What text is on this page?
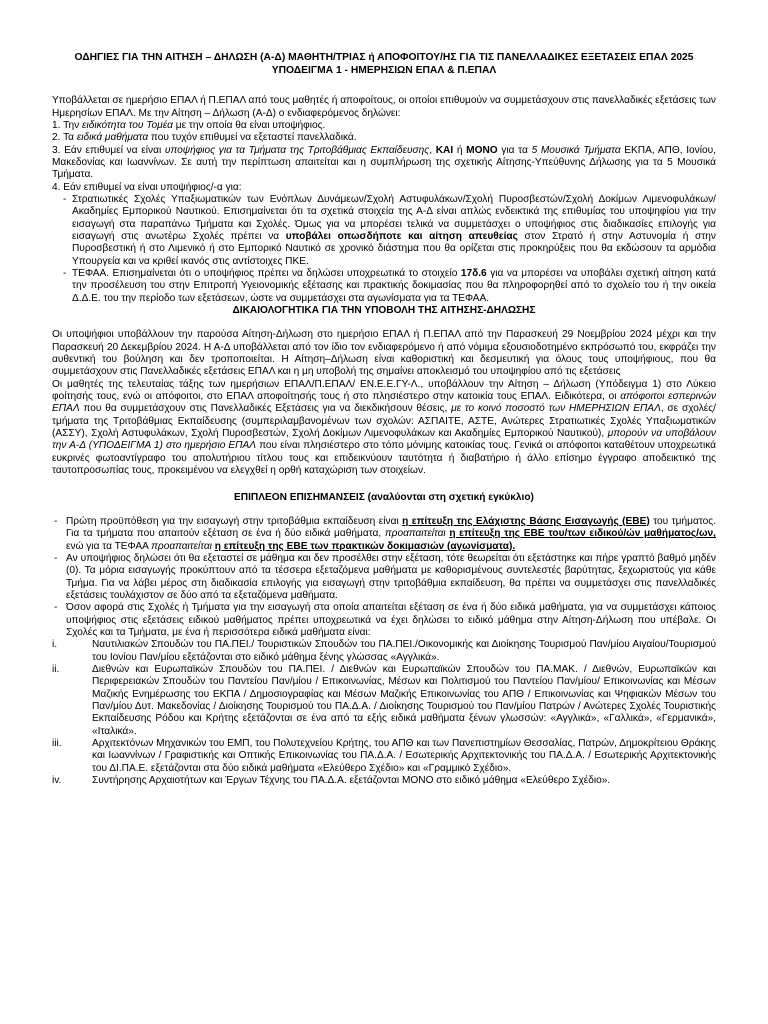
ΟΔΗΓΙΕΣ ΓΙΑ ΤΗΝ ΑΙΤΗΣΗ – ΔΗΛΩΣΗ (Α-Δ) ΜΑΘΗΤΗ/ΤΡΙΑΣ ή ΑΠΟΦΟΙΤΟΥ/ΗΣ ΓΙΑ ΤΙΣ ΠΑΝΕΛΛΑΔΙΚΕΣ ΕΞΕΤΑΣΕΙΣ ΕΠΑΛ 2025

ΥΠΟΔΕΙΓΜΑ 1 - ΗΜΕΡΗΣΙΩΝ ΕΠΑΛ & Π.ΕΠΑΛ

Υποβάλλεται σε ημερήσιο ΕΠΑΛ ή Π.ΕΠΑΛ από τους μαθητές ή αποφοίτους, οι οποίοι επιθυμούν να συμμετάσχουν στις πανελλαδικές εξετάσεις των Ημερησίων ΕΠΑΛ. Με την Αίτηση – Δήλωση (Α-Δ) ο ενδιαφερόμενος δηλώνει:

1. Την ειδικότητα του Τομέα με την οποία θα είναι υποψήφιος.

2. Τα ειδικά μαθήματα που τυχόν επιθυμεί να εξεταστεί πανελλαδικά.

3. Εάν επιθυμεί να είναι υποψήφιος για τα Τμήματα της Τριτοβάθμιας Εκπαίδευσης, ΚΑΙ ή ΜΟΝΟ για τα 5 Μουσικά Τμήματα ΕΚΠΑ, ΑΠΘ, Ιονίου, Μακεδονίας και Ιωαννίνων. Σε αυτή την περίπτωση απαιτείται και η συμπλήρωση της σχετικής Αίτησης-Υπεύθυνης Δήλωσης για τα 5 Μουσικά Τμήματα.

4. Εάν επιθυμεί να είναι υποψήφιος/-α για:

- Στρατιωτικές Σχολές Υπαξιωματικών των Ενόπλων Δυνάμεων/Σχολή Αστυφυλάκων/Σχολή Πυροσβεστών/Σχολή Δοκίμων Λιμενοφυλάκων/Ακαδημίες Εμπορικού Ναυτικού. Επισημαίνεται ότι τα σχετικά στοιχεία της Α-Δ είναι απλώς ενδεικτικά της επιθυμίας του υποψηφίου για την εισαγωγή στα παραπάνω Τμήματα και Σχολές. Όμως για να μπορέσει τελικά να συμμετάσχει ο υποψήφιος στις διαδικασίες επιλογής για εισαγωγή στις ανωτέρω Σχολές πρέπει να υποβάλει οπωσδήποτε και αίτηση απευθείας στον Στρατό ή στην Αστυνομία ή στην Πυροσβεστική ή στο Λιμενικό ή στο Εμπορικό Ναυτικό σε χρονικό διάστημα που θα ορίζεται στις προκηρύξεις που θα εκδώσουν τα αρμόδια Υπουργεία και να κριθεί ικανός στις αντίστοιχες ΠΚΕ.
- ΤΕΦΑΑ. Επισημαίνεται ότι ο υποψήφιος πρέπει να δηλώσει υποχρεωτικά το στοιχείο 17δ.6 για να μπορέσει να υποβάλει σχετική αίτηση κατά την προσέλευση του στην Επιτροπή Υγειονομικής εξέτασης και πρακτικής δοκιμασίας που θα πληροφορηθεί από το σχολείο του ή την οικεία Δ.Δ.Ε. του την περίοδο των εξετάσεων, ώστε να συμμετάσχει στα αγωνίσματα για τα ΤΕΦΑΑ.

ΔΙΚΑΙΟΛΟΓΗΤΙΚΑ ΓΙΑ ΤΗΝ ΥΠΟΒΟΛΗ ΤΗΣ ΑΙΤΗΣΗΣ-ΔΗΛΩΣΗΣ

Οι υποψήφιοι υποβάλλουν την παρούσα Αίτηση-Δήλωση στο ημερήσιο ΕΠΑΛ ή Π.ΕΠΑΛ από την Παρασκευή 29 Νοεμβρίου 2024 μέχρι και την Παρασκευή 20 Δεκεμβρίου 2024. Η Α-Δ υποβάλλεται από τον ίδιο τον ενδιαφερόμενο ή από νόμιμα εξουσιοδοτημένο εκπρόσωπό του, εκφράζει την αυθεντική του βούληση και δεν τροποποιείται. Η Αίτηση–Δήλωση είναι καθοριστική και δεσμευτική για όλους τους υποψήφιους, που θα συμμετάσχουν στις Πανελλαδικές εξετάσεις ΕΠΑΛ και η μη υποβολή της σημαίνει αποκλεισμό του υποψηφίου από τις εξετάσεις

Οι μαθητές της τελευταίας τάξης των ημερήσιων ΕΠΑΛ/Π.ΕΠΑΛ/ ΕΝ.Ε.Ε.ΓΥ-Λ., υποβάλλουν την Αίτηση – Δήλωση (Υπόδειγμα 1) στο Λύκειο φοίτησής τους, ενώ οι απόφοιτοι, στο ΕΠΑΛ αποφοίτησής τους ή στο πλησιέστερο στην κατοικία τους ΕΠΑΛ. Ειδικότερα, οι απόφοιτοι εσπερινών ΕΠΑΛ που θα συμμετάσχουν στις Πανελλαδικές Εξετάσεις για να διεκδικήσουν θέσεις, με το κοινό ποσοστό των ΗΜΕΡΗΣΙΩΝ ΕΠΑΛ, σε σχολές/τμήματα της Τριτοβάθμιας Εκπαίδευσης (συμπεριλαμβανομένων των σχολών: ΑΣΠΑΙΤΕ, ΑΣΤΕ, Ανώτερες Στρατιωτικές Σχολές Υπαξιωματικών (ΑΣΣΥ), Σχολή Αστυφυλάκων, Σχολή Πυροσβεστών, Σχολή Δοκίμων Λιμενοφυλάκων και Ακαδημίες Εμπορικού Ναυτικού), μπορούν να υποβάλουν την Α-Δ (ΥΠΟΔΕΙΓΜΑ 1) στο ημερήσιο ΕΠΑΛ που είναι πλησιέστερο στο τόπο μόνιμης κατοικίας τους. Γενικά οι απόφοιτοι καταθέτουν υποχρεωτικά ευκρινές φωτοαντίγραφο του απολυτήριου τίτλου τους και επιδεικνύουν ταυτότητα ή διαβατήριο ή άλλο επίσημο έγγραφο αποδεικτικό της ταυτοπροσωπίας τους, προκειμένου να ελεγχθεί η ορθή καταχώριση των στοιχείων.

ΕΠΙΠΛΕΟΝ ΕΠΙΣΗΜΑΝΣΕΙΣ (αναλύονται στη σχετική εγκύκλιο)

- Πρώτη προϋπόθεση για την εισαγωγή στην τριτοβάθμια εκπαίδευση είναι η επίτευξη της Ελάχιστης Βάσης Εισαγωγής (ΕΒΕ) του τμήματος. Για τα τμήματα που απαιτούν εξέταση σε ένα ή δύο ειδικά μαθήματα, προαπαιτείται η επίτευξη της ΕΒΕ του/των ειδικού/ών μαθήματος/ων, ενώ για τα ΤΕΦΑΑ προαπαιτείται η επίτευξη της ΕΒΕ των πρακτικών δοκιμασιών (αγωνίσματα).
- Αν υποψήφιος δηλώσει ότι θα εξεταστεί σε μάθημα και δεν προσέλθει στην εξέταση, τότε θεωρείται ότι εξετάστηκε και πήρε γραπτό βαθμό μηδέν (0). Τα μόρια εισαγωγής προκύπτουν από τα τέσσερα εξεταζόμενα μαθήματα με καθορισμένους συντελεστές βαρύτητας, ξεχωριστούς για κάθε Τμήμα. Για να λάβει μέρος στη διαδικασία επιλογής για εισαγωγή στην τριτοβάθμια εκπαίδευση, θα πρέπει να συμμετάσχει στις πανελλαδικές εξετάσεις τουλάχιστον σε δύο από τα εξεταζόμενα μαθήματα.
- Όσον αφορά στις Σχολές ή Τμήματα για την εισαγωγή στα οποία απαιτείται εξέταση σε ένα ή δύο ειδικά μαθήματα, για να συμμετάσχει κάποιος υποψήφιος στις εξετάσεις ειδικού μαθήματος πρέπει υποχρεωτικά να έχει δηλώσει το ειδικό μάθημα στην Αίτηση-Δήλωση που υπέβαλε. Οι Σχολές και τα Τμήματα, με ένα ή περισσότερα ειδικά μαθήματα είναι:
i.	Ναυτιλιακών Σπουδών του ΠΑ.ΠΕΙ./ Τουριστικών Σπουδών του ΠΑ.ΠΕΙ./Οικονομικής και Διοίκησης Τουρισμού Παν/μίου Αιγαίου/Τουρισμού του Ιονίου Παν/μίου εξετάζονται στο ειδικό μάθημα ξένης γλώσσας «Αγγλικά».
ii.	Διεθνών και Ευρωπαϊκών Σπουδών του ΠΑ.ΠΕΙ. / Διεθνών και Ευρωπαϊκών Σπουδών του ΠΑ.ΜΑΚ. / Διεθνών, Ευρωπαϊκών και Περιφερειακών Σπουδών του Παντείου Παν/μίου / Επικοινωνίας, Μέσων και Πολιτισμού του Παντείου Παν/μίου/ Επικοινωνίας και Μέσων Μαζικής Ενημέρωσης του ΕΚΠΑ / Δημοσιογραφίας και Μέσων Μαζικής Επικοινωνίας του ΑΠΘ / Επικοινωνίας και Ψηφιακών Μέσων του Παν/μίου Δυτ. Μακεδονίας / Διοίκησης Τουρισμού του ΠΑ.Δ.Α. / Διοίκησης Τουρισμού του Παν/μίου Πατρών / Ανώτερες Σχολές Τουριστικής Εκπαίδευσης Ρόδου και Κρήτης εξετάζονται σε ένα από τα εξής ειδικά μαθήματα ξένων γλωσσών: «Αγγλικά», «Γαλλικά», «Γερμανικά», «Ιταλικά».
iii.	Αρχιτεκτόνων Μηχανικών του ΕΜΠ, του Πολυτεχνείου Κρήτης, του ΑΠΘ και των Πανεπιστημίων Θεσσαλίας, Πατρών, Δημοκρίτειου Θράκης και Ιωαννίνων / Γραφιστικής και Οπτικής Επικοινωνίας του ΠΑ.Δ.Α. / Εσωτερικής Αρχιτεκτονικής του ΠΑ.Δ.Α. / Εσωτερικής Αρχιτεκτονικής του ΔΙ.ΠΑ.Ε. εξετάζονται στα δύο ειδικά μαθήματα «Ελεύθερο Σχέδιο» και «Γραμμικό Σχέδιο».
iv.	Συντήρησης Αρχαιοτήτων και Έργων Τέχνης του ΠΑ.Δ.Α. εξετάζονται ΜΟΝΟ στο ειδικό μάθημα «Ελεύθερο Σχέδιο».
